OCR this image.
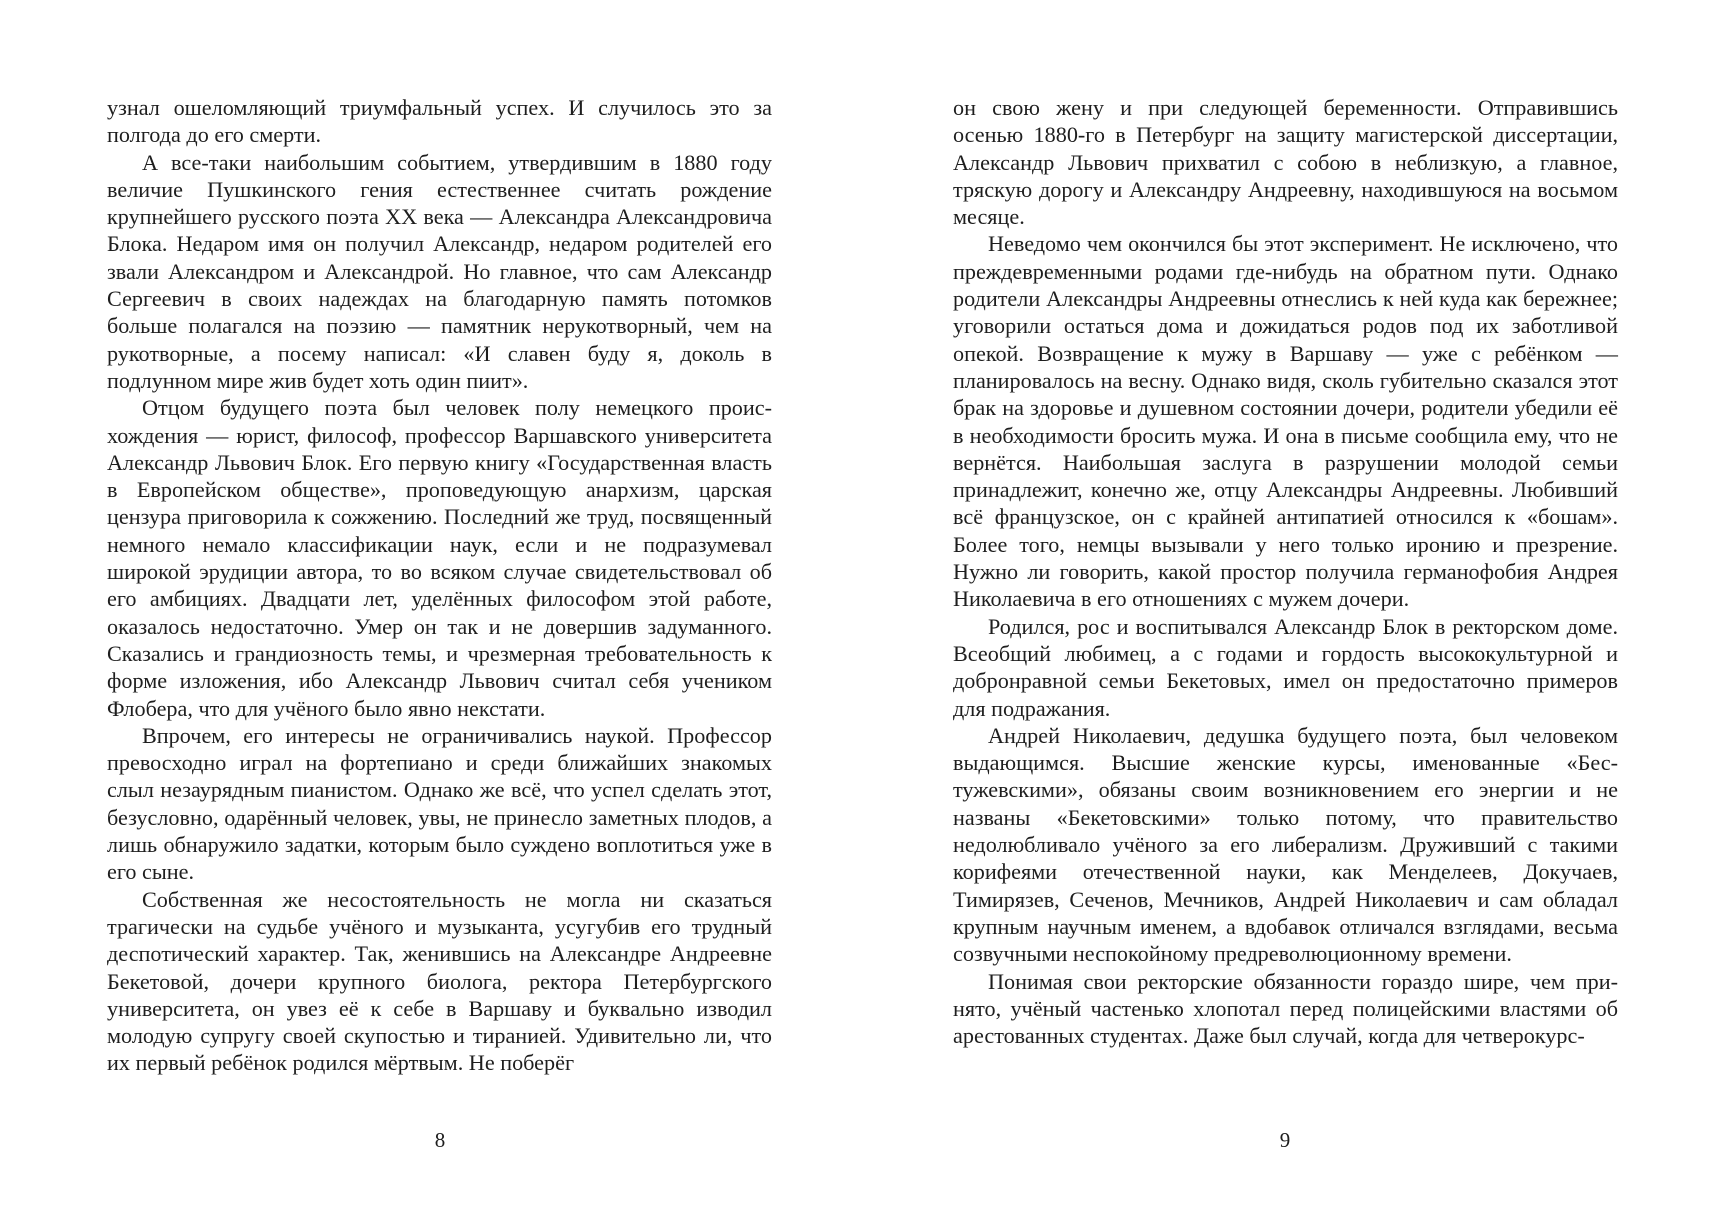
узнал ошеломляющий триумфальный успех. И случилось это за полгода до его смерти.

А все-таки наибольшим событием, утвердившим в 1880 году величие Пушкинского гения естественнее считать рождение крупнейшего русского поэта XX века — Александра Александровича Блока. Недаром имя он получил Александр, недаром родителей его звали Александром и Александрой. Но главное, что сам Александр Сергеевич в своих надеждах на благодарную память потомков больше полагался на поэзию — памятник нерукотворный, чем на рукотворные, а посему написал: «И славен буду я, доколь в подлунном мире жив будет хоть один пиит».

Отцом будущего поэта был человек полу немецкого происхождения — юрист, философ, профессор Варшавского университета Александр Львович Блок. Его первую книгу «Государственная власть в Европейском обществе», проповедующую анархизм, царская цензура приговорила к сожжению. Последний же труд, посвященный немного немало классификации наук, если и не подразумевал широкой эрудиции автора, то во всяком случае свидетельствовал об его амбициях. Двадцати лет, уделённых философом этой работе, оказалось недостаточно. Умер он так и не довершив задуманного. Сказались и грандиозность темы, и чрезмерная требовательность к форме изложения, ибо Александр Львович считал себя учеником Флобера, что для учёного было явно некстати.

Впрочем, его интересы не ограничивались наукой. Профессор превосходно играл на фортепиано и среди ближайших знакомых слыл незаурядным пианистом. Однако же всё, что успел сделать этот, безусловно, одарённый человек, увы, не принесло заметных плодов, а лишь обнаружило задатки, которым было суждено воплотиться уже в его сыне.

Собственная же несостоятельность не могла ни сказаться трагически на судьбе учёного и музыканта, усугубив его трудный деспотический характер. Так, женившись на Александре Андреевне Бекетовой, дочери крупного биолога, ректора Петербургского университета, он увез её к себе в Варшаву и буквально изводил молодую супругу своей скупостью и тиранией. Удивительно ли, что их первый ребёнок родился мёртвым. Не поберёг

8

он свою жену и при следующей беременности. Отправившись осенью 1880-го в Петербург на защиту магистерской диссертации, Александр Львович прихватил с собою в неблизкую, а главное, тряскую дорогу и Александру Андреевну, находившуюся на восьмом месяце.

Неведомо чем окончился бы этот эксперимент. Не исключено, что преждевременными родами где-нибудь на обратном пути. Однако родители Александры Андреевны отнеслись к ней куда как бережнее; уговорили остаться дома и дожидаться родов под их заботливой опекой. Возвращение к мужу в Варшаву — уже с ребёнком — планировалось на весну. Однако видя, сколь губительно сказался этот брак на здоровье и душевном состоянии дочери, родители убедили её в необходимости бросить мужа. И она в письме сообщила ему, что не вернётся. Наибольшая заслуга в разрушении молодой семьи принадлежит, конечно же, отцу Александры Андреевны. Любивший всё французское, он с крайней антипатией относился к «бошам». Более того, немцы вызывали у него только иронию и презрение. Нужно ли говорить, какой простор получила германофобия Андрея Николаевича в его отношениях с мужем дочери.

Родился, рос и воспитывался Александр Блок в ректорском доме. Всеобщий любимец, а с годами и гордость высококультурной и добронравной семьи Бекетовых, имел он предостаточно примеров для подражания.

Андрей Николаевич, дедушка будущего поэта, был человеком выдающимся. Высшие женские курсы, именованные «Бестужевскими», обязаны своим возникновением его энергии и не названы «Бекетовскими» только потому, что правительство недолюбливало учёного за его либерализм. Друживший с такими корифеями отечественной науки, как Менделеев, Докучаев, Тимирязев, Сеченов, Мечников, Андрей Николаевич и сам обладал крупным научным именем, а вдобавок отличался взглядами, весьма созвучными неспокойному предреволюционному времени.

Понимая свои ректорские обязанности гораздо шире, чем принято, учёный частенько хлопотал перед полицейскими властями об арестованных студентах. Даже был случай, когда для четверокурс-

9
